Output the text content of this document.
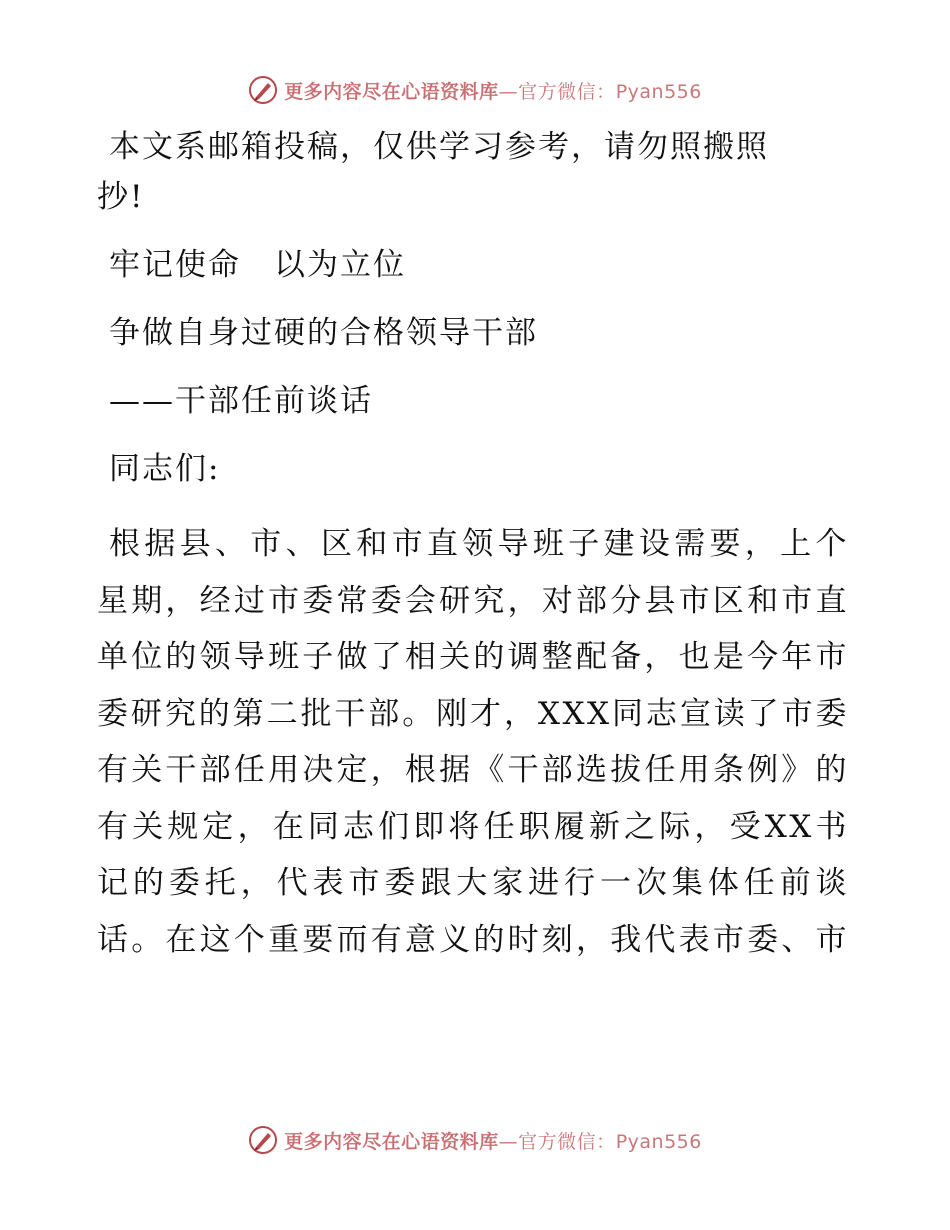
更多内容尽在心语资料库—官方微信：Pyan556
本文系邮箱投稿，仅供学习参考，请勿照搬照
抄!
牢记使命　以为立位
争做自身过硬的合格领导干部
——干部任前谈话
同志们:
根据县、市、区和市直领导班子建设需要，上个
星期，经过市委常委会研究，对部分县市区和市直
单位的领导班子做了相关的调整配备，也是今年市
委研究的第二批干部。刚才，XXX同志宣读了市委
有关干部任用决定，根据《干部选拔任用条例》的
有关规定，在同志们即将任职履新之际，受XX书
记的委托，代表市委跟大家进行一次集体任前谈
话。在这个重要而有意义的时刻，我代表市委、市
更多内容尽在心语资料库—官方微信：Pyan556
